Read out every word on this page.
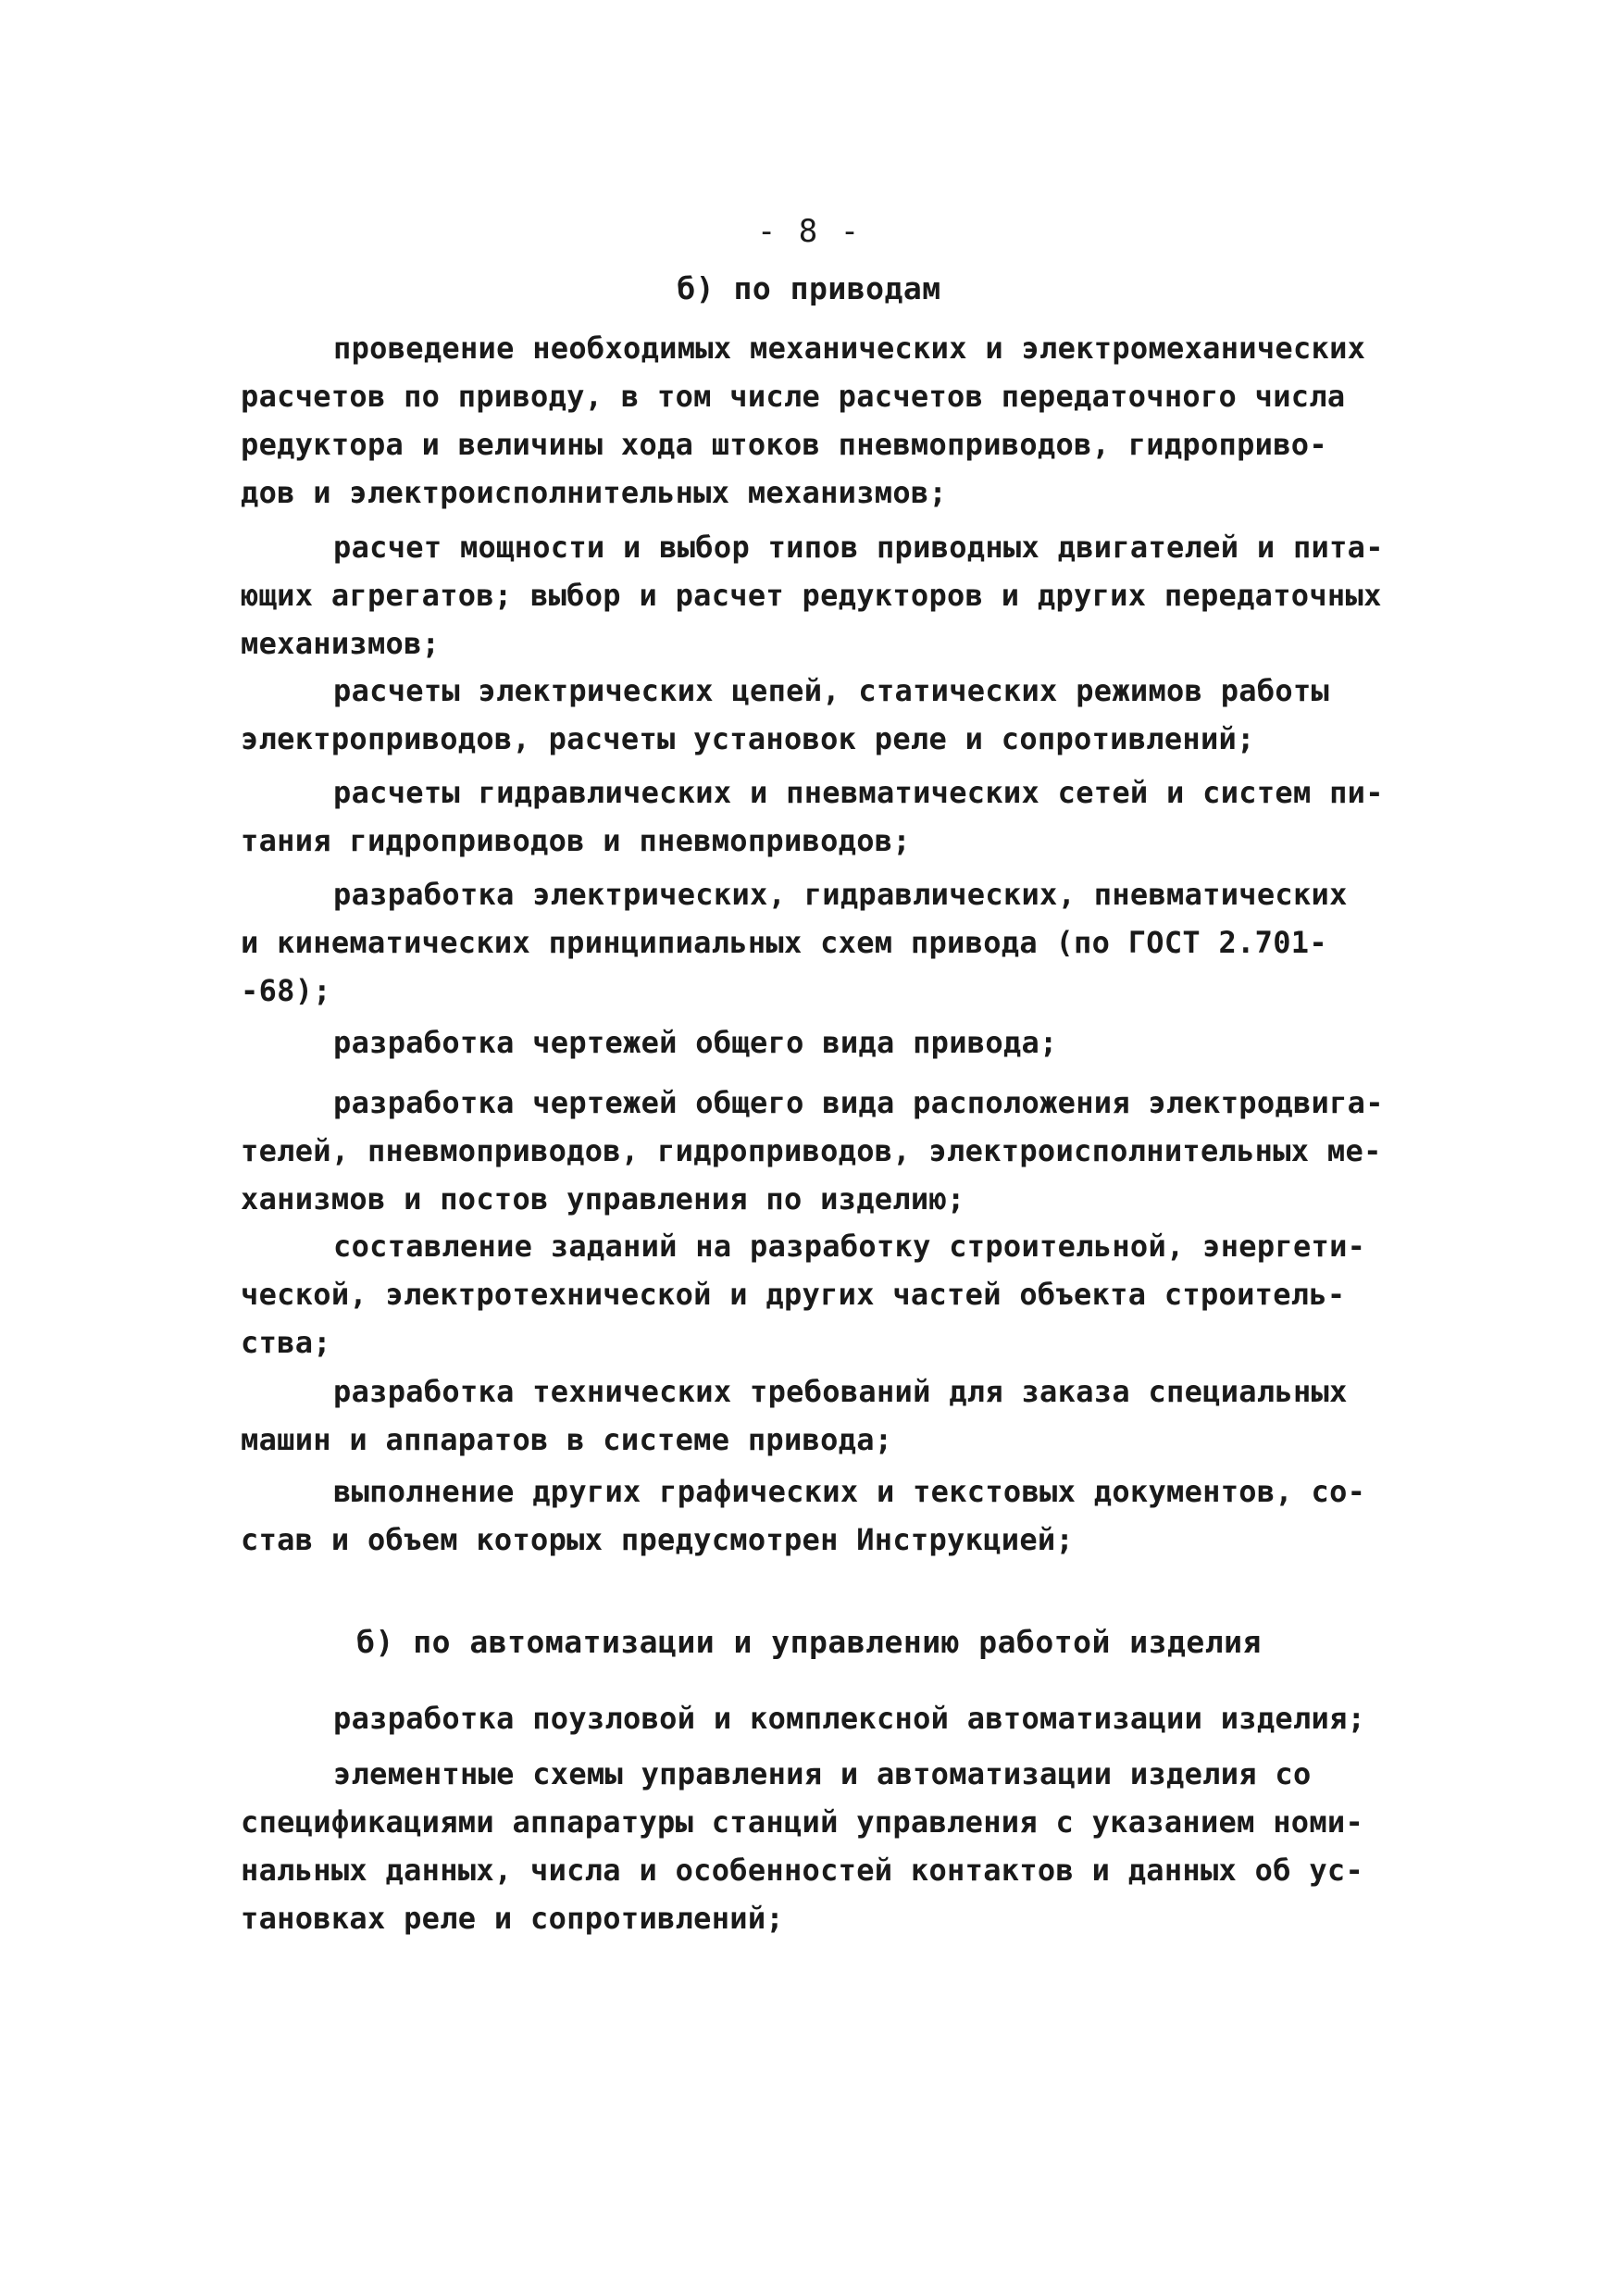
- 8 -
б) по приводам

проведение необходимых механических и электромеханических
расчетов по приводу, в том числе расчетов передаточного числа
редуктора и величины хода штоков пневмоприводов, гидроприво-
дов и электроисполнительных механизмов;

расчет мощности и выбор типов приводных двигателей и пита-
ющих агрегатов; выбор и расчет редукторов и других передаточных
механизмов;

расчеты электрических цепей, статических режимов работы
электроприводов, расчеты установок реле и сопротивлений;

расчеты гидравлических и пневматических сетей и систем пи-
тания гидроприводов и пневмоприводов;

разработка электрических, гидравлических, пневматических
и кинематических принципиальных схем привода (по ГОСТ 2.701-
-68);

разработка чертежей общего вида привода;

разработка чертежей общего вида расположения электродвига-
телей, пневмоприводов, гидроприводов, электроисполнительных ме-
ханизмов и постов управления по изделию;

составление заданий на разработку строительной, энергети-
ческой, электротехнической и других частей объекта строитель-
ства;

разработка технических требований для заказа специальных
машин и аппаратов в системе привода;

выполнение других графических и текстовых документов, со-
став и объем которых предусмотрен Инструкцией;

б) по автоматизации и управлению работой изделия

разработка поузловой и комплексной автоматизации изделия;

элементные схемы управления и автоматизации изделия со
спецификациями аппаратуры станций управления с указанием номи-
нальных данных, числа и особенностей контактов и данных об ус-
тановках реле и сопротивлений;
